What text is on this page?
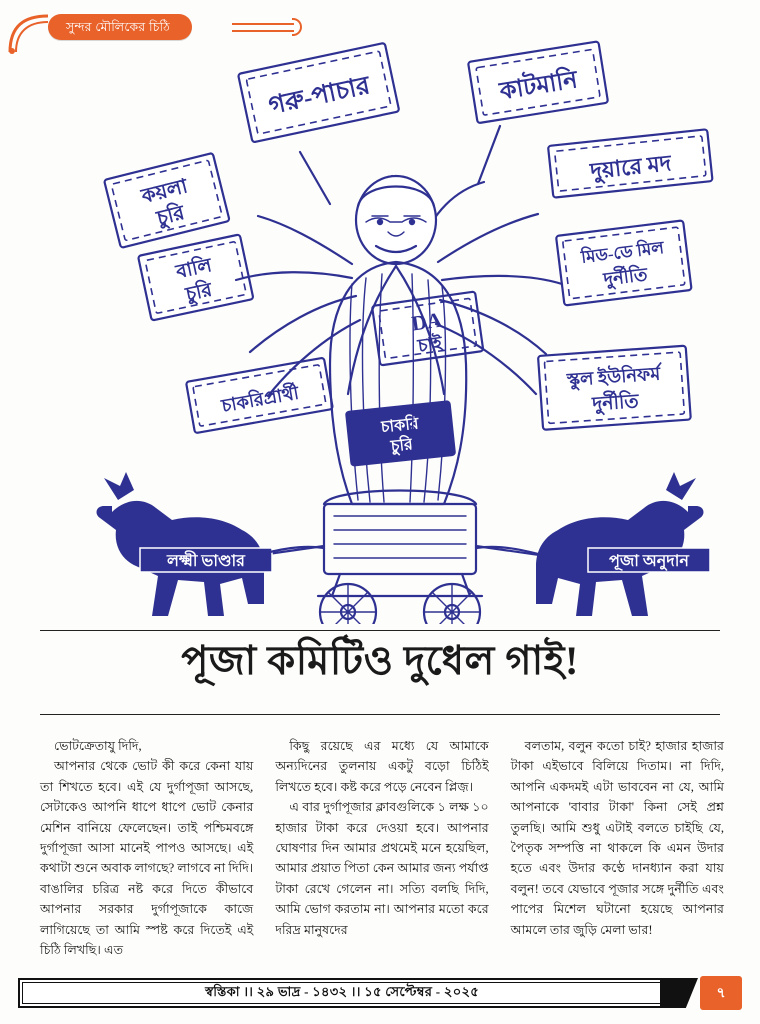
সুন্দর মৌলিকের চিঠি
গরু-পাচার	কাটমানি
দুয়ারে মদ
কয়লা
চুরি
বালি
চুরি
মিড-ডে মিল
দুর্নীতি
স্কুল ইউনিফর্ম
দুর্নীতি
চাকরিপ্রার্থী
DA
চাই
চাকরি
চুরি
লক্ষ্মী ভাণ্ডার	পূজা অনুদান
পূজা কমিটিও দুধেল গাই!

ভোটক্রেতাযু দিদি,

আপনার থেকে ভোট কী করে কেনা যায় তা শিখতে হবে। এই যে দুর্গাপূজা আসছে, সেটাকেও আপনি ধাপে ধাপে ভোট কেনার মেশিন বানিয়ে ফেলেছেন। তাই পশ্চিমবঙ্গে দুর্গাপূজা আসা মানেই পাপও আসছে। এই কথাটা শুনে অবাক লাগছে? লাগবে না দিদি। বাঙালির চরিত্র নষ্ট করে দিতে কীভাবে আপনার সরকার দুর্গাপূজাকে কাজে লাগিয়েছে তা আমি স্পষ্ট করে দিতেই এই চিঠি লিখছি। এত

কিছু রয়েছে এর মধ্যে যে আমাকে অন্যদিনের তুলনায় একটু বড়ো চিঠিই লিখতে হবে। কষ্ট করে পড়ে নেবেন প্লিজ়।

এ বার দুর্গাপূজার ক্লাবগুলিকে ১ লক্ষ ১০ হাজার টাকা করে দেওয়া হবে। আপনার ঘোষণার দিন আমার প্রথমেই মনে হয়েছিল, আমার প্রয়াত পিতা কেন আমার জন্য পর্যাপ্ত টাকা রেখে গেলেন না। সত্যি বলছি দিদি, আমি ভোগ করতাম না। আপনার মতো করে দরিদ্র মানুষদের

বলতাম, বলুন কতো চাই? হাজার হাজার টাকা এইভাবে বিলিয়ে দিতাম। না দিদি, আপনি একদমই এটা ভাববেন না যে, আমি আপনাকে 'বাবার টাকা' কিনা সেই প্রশ্ন তুলছি। আমি শুধু এটাই বলতে চাইছি যে, পৈতৃক সম্পত্তি না থাকলে কি এমন উদার হতে এবং উদার কণ্ঠে দানধ্যান করা যায় বলুন! তবে যেভাবে পূজার সঙ্গে দুর্নীতি এবং পাপের মিশেল ঘটানো হয়েছে আপনার আমলে তার জুড়ি মেলা ভার!

স্বস্তিকা ।। ২৯ ভাদ্র - ১৪৩২ ।। ১৫ সেপ্টেম্বর - ২০২৫	৭
